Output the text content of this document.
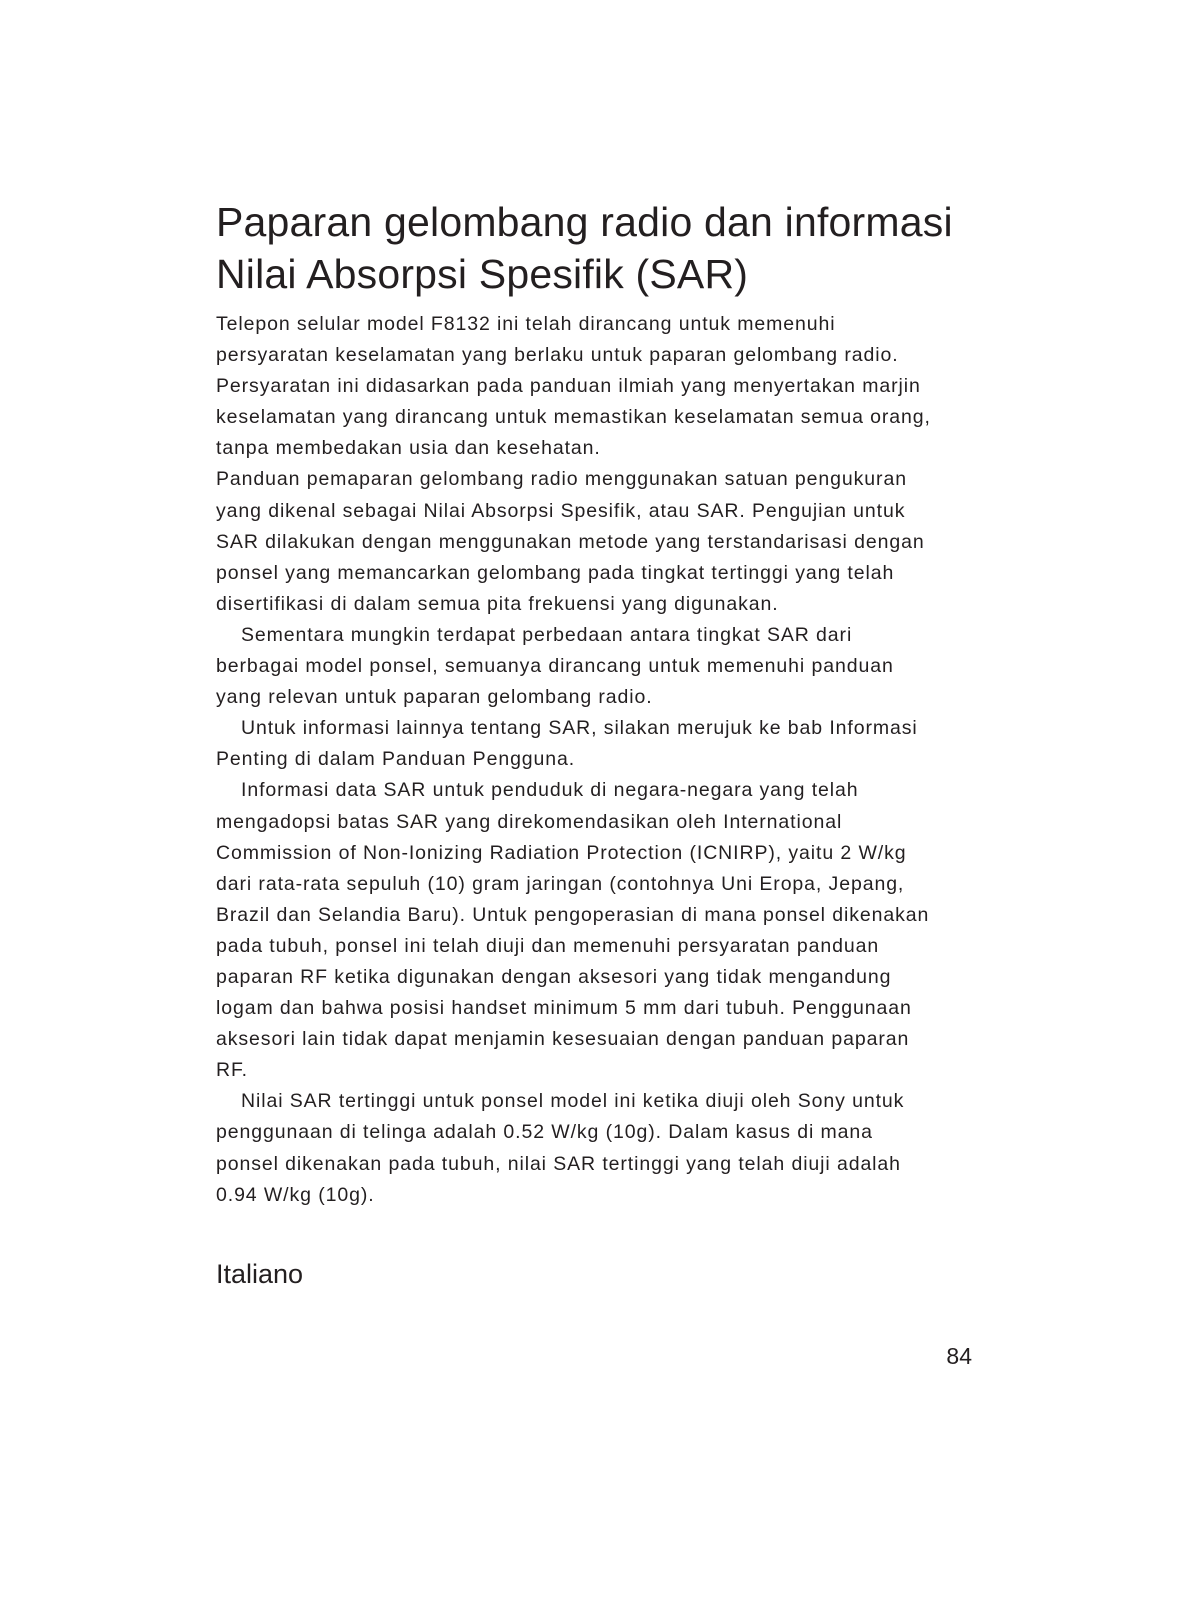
Paparan gelombang radio dan informasi
Nilai Absorpsi Spesifik (SAR)

Telepon selular model F8132 ini telah dirancang untuk memenuhi
persyaratan keselamatan yang berlaku untuk paparan gelombang radio.
Persyaratan ini didasarkan pada panduan ilmiah yang menyertakan marjin
keselamatan yang dirancang untuk memastikan keselamatan semua orang,
tanpa membedakan usia dan kesehatan.

Panduan pemaparan gelombang radio menggunakan satuan pengukuran
yang dikenal sebagai Nilai Absorpsi Spesifik, atau SAR. Pengujian untuk
SAR dilakukan dengan menggunakan metode yang terstandarisasi dengan
ponsel yang memancarkan gelombang pada tingkat tertinggi yang telah
disertifikasi di dalam semua pita frekuensi yang digunakan.

Sementara mungkin terdapat perbedaan antara tingkat SAR dari
berbagai model ponsel, semuanya dirancang untuk memenuhi panduan
yang relevan untuk paparan gelombang radio.

Untuk informasi lainnya tentang SAR, silakan merujuk ke bab Informasi
Penting di dalam Panduan Pengguna.

Informasi data SAR untuk penduduk di negara-negara yang telah
mengadopsi batas SAR yang direkomendasikan oleh International
Commission of Non-Ionizing Radiation Protection (ICNIRP), yaitu 2 W/kg
dari rata-rata sepuluh (10) gram jaringan (contohnya Uni Eropa, Jepang,
Brazil dan Selandia Baru). Untuk pengoperasian di mana ponsel dikenakan
pada tubuh, ponsel ini telah diuji dan memenuhi persyaratan panduan
paparan RF ketika digunakan dengan aksesori yang tidak mengandung
logam dan bahwa posisi handset minimum 5 mm dari tubuh. Penggunaan
aksesori lain tidak dapat menjamin kesesuaian dengan panduan paparan
RF.

Nilai SAR tertinggi untuk ponsel model ini ketika diuji oleh Sony untuk
penggunaan di telinga adalah 0.52 W/kg (10g). Dalam kasus di mana
ponsel dikenakan pada tubuh, nilai SAR tertinggi yang telah diuji adalah
0.94 W/kg (10g).

Italiano
84
